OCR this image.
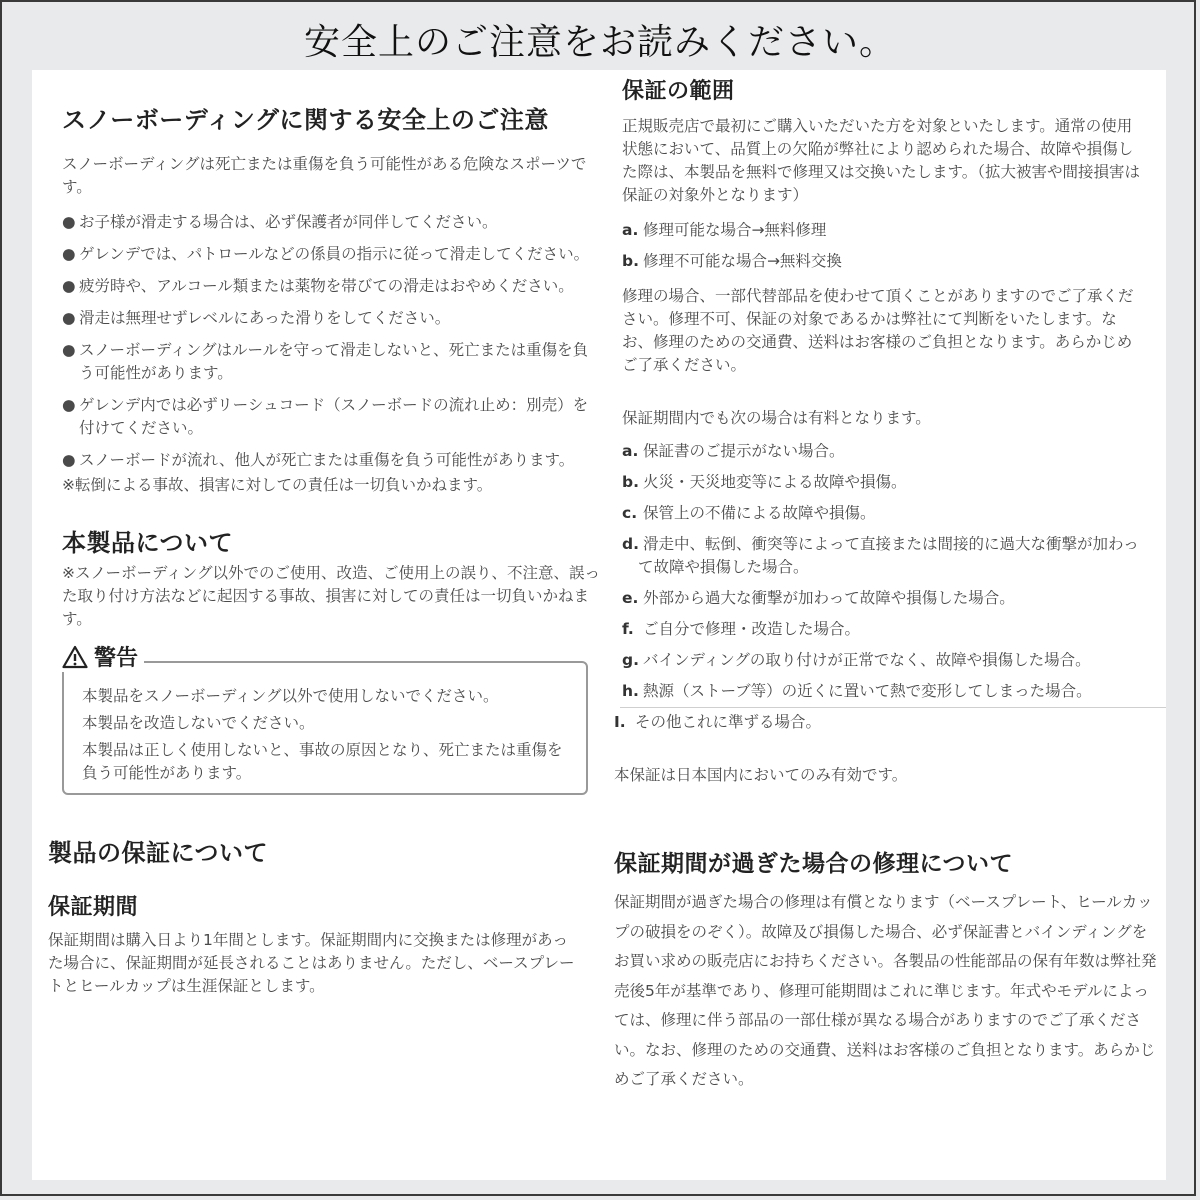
安全上のご注意をお読みください。
スノーボーディングに関する安全上のご注意

スノーボーディングは死亡または重傷を負う可能性がある危険なスポーツです。

● お子様が滑走する場合は、必ず保護者が同伴してください。
● ゲレンデでは、パトロールなどの係員の指示に従って滑走してください。
● 疲労時や、アルコール類または薬物を帯びての滑走はおやめください。
● 滑走は無理せずレベルにあった滑りをしてください。
● スノーボーディングはルールを守って滑走しないと、死亡または重傷を負う可能性があります。
● ゲレンデ内では必ずリーシュコード（スノーボードの流れ止め：別売）を付けてください。
● スノーボードが流れ、他人が死亡または重傷を負う可能性があります。
※転倒による事故、損害に対しての責任は一切負いかねます。
本製品について

※スノーボーディング以外でのご使用、改造、ご使用上の誤り、不注意、誤った取り付け方法などに起因する事故、損害に対しての責任は一切負いかねます。

警告
本製品をスノーボーディング以外で使用しないでください。
本製品を改造しないでください。
本製品は正しく使用しないと、事故の原因となり、死亡または重傷を負う可能性があります。
製品の保証について
保証期間

保証期間は購入日より1年間とします。保証期間内に交換または修理があった場合に、保証期間が延長されることはありません。ただし、ベースプレートとヒールカップは生涯保証とします。

保証の範囲

正規販売店で最初にご購入いただいた方を対象といたします。通常の使用状態において、品質上の欠陥が弊社により認められた場合、故障や損傷した際は、本製品を無料で修理又は交換いたします。（拡大被害や間接損害は保証の対象外となります）

a. 修理可能な場合→無料修理
b. 修理不可能な場合→無料交換

修理の場合、一部代替部品を使わせて頂くことがありますのでご了承ください。修理不可、保証の対象であるかは弊社にて判断をいたします。なお、修理のための交通費、送料はお客様のご負担となります。あらかじめご了承ください。

保証期間内でも次の場合は有料となります。

a. 保証書のご提示がない場合。
b. 火災・天災地変等による故障や損傷。
c. 保管上の不備による故障や損傷。
d. 滑走中、転倒、衝突等によって直接または間接的に過大な衝撃が加わって故障や損傷した場合。
e. 外部から過大な衝撃が加わって故障や損傷した場合。
f. ご自分で修理・改造した場合。
g. バインディングの取り付けが正常でなく、故障や損傷した場合。
h. 熱源（ストーブ等）の近くに置いて熱で変形してしまった場合。
I. その他これに準ずる場合。

本保証は日本国内においてのみ有効です。

保証期間が過ぎた場合の修理について

保証期間が過ぎた場合の修理は有償となります（ベースプレート、ヒールカップの破損をのぞく）。故障及び損傷した場合、必ず保証書とバインディングをお買い求めの販売店にお持ちください。各製品の性能部品の保有年数は弊社発売後5年が基準であり、修理可能期間はこれに準じます。年式やモデルによっては、修理に伴う部品の一部仕様が異なる場合がありますのでご了承ください。なお、修理のための交通費、送料はお客様のご負担となります。あらかじめご了承ください。
